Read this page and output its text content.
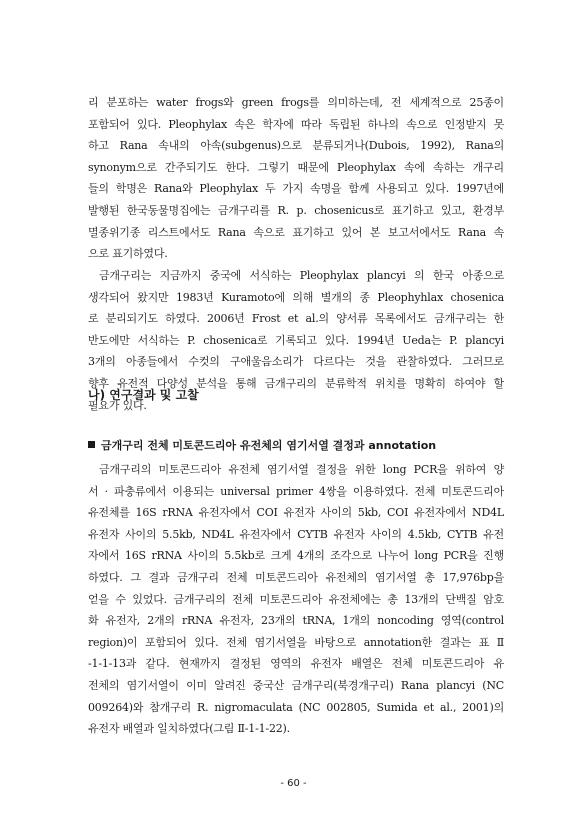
리 분포하는 water frogs와 green frogs를 의미하는데, 전 세계적으로 25종이
포함되어 있다. Pleophylax 속은 학자에 따라 독립된 하나의 속으로 인정받지 못
하고 Rana 속내의 아속(subgenus)으로 분류되거나(Dubois, 1992), Rana의
synonym으로 간주되기도 한다. 그렇기 때문에 Pleophylax 속에 속하는 개구리
들의 학명은 Rana와 Pleophylax 두 가지 속명을 함께 사용되고 있다. 1997년에
발행된 한국동물명집에는 금개구리를 R. p. chosenicus로 표기하고 있고, 환경부
멸종위기종 리스트에서도 Rana 속으로 표기하고 있어 본 보고서에서도 Rana 속
으로 표기하였다.
금개구리는 지금까지 중국에 서식하는 Pleophylax plancyi 의 한국 아종으로
생각되어 왔지만 1983년 Kuramoto에 의해 별개의 종 Pleophyhlax chosenica
로 분리되기도 하였다. 2006년 Frost et al.의 양서류 목록에서도 금개구리는 한
반도에만 서식하는 P. chosenica로 기록되고 있다. 1994년 Ueda는 P. plancyi
3개의 아종들에서 수컷의 구애울음소리가 다르다는 것을 관찰하였다. 그러므로
향후 유전적 다양성 분석을 통해 금개구리의 분류학적 위치를 명확히 하여야 할
필요가 있다.
나) 연구결과 및 고찰
금개구리 전체 미토콘드리아 유전체의 염기서열 결정과 annotation
금개구리의 미토콘드리아 유전체 염기서열 결정을 위한 long PCR을 위하여 양
서 · 파충류에서 이용되는 universal primer 4쌍을 이용하였다. 전체 미토콘드리아
유전체를 16S rRNA 유전자에서 COI 유전자 사이의 5kb, COI 유전자에서 ND4L
유전자 사이의 5.5kb, ND4L 유전자에서 CYTB 유전자 사이의 4.5kb, CYTB 유전
자에서 16S rRNA 사이의 5.5kb로 크게 4개의 조각으로 나누어 long PCR을 진행
하였다. 그 결과 금개구리 전체 미토콘드리아 유전체의 염기서열 총 17,976bp을
얻을 수 있었다. 금개구리의 전체 미토콘드리아 유전체에는 총 13개의 단백질 암호
화 유전자, 2개의 rRNA 유전자, 23개의 tRNA, 1개의 noncoding 영역(control
region)이 포함되어 있다. 전체 염기서열을 바탕으로 annotation한 결과는 표 Ⅱ
-1-1-13과 같다. 현재까지 결정된 영역의 유전자 배열은 전체 미토콘드리아 유
전체의 염기서열이 이미 알려진 중국산 금개구리(북경개구리) Rana plancyi (NC
009264)와 참개구리 R. nigromaculata (NC 002805, Sumida et al., 2001)의
유전자 배열과 일치하였다(그림 Ⅱ-1-1-22).
- 60 -
